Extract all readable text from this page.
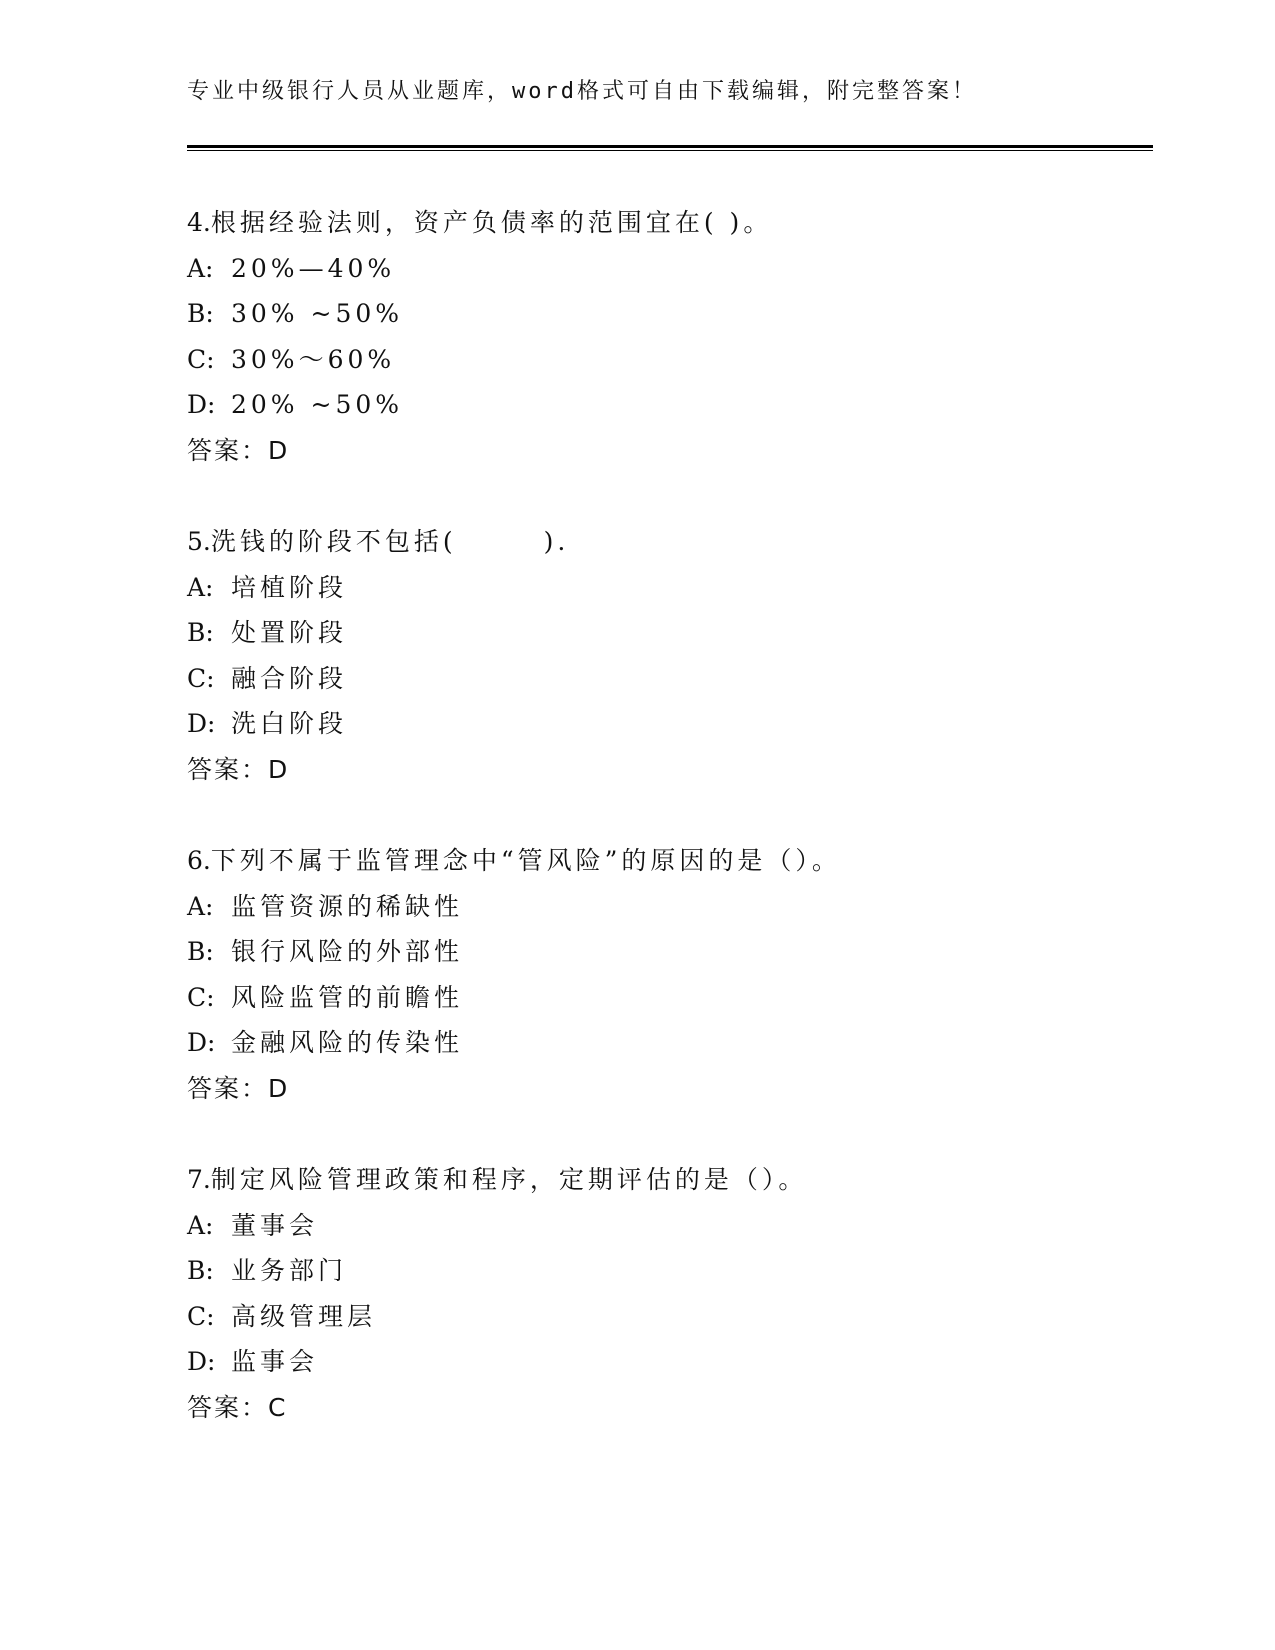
专业中级银行人员从业题库，word格式可自由下载编辑，附完整答案！
4.根据经验法则，资产负债率的范围宜在( )。
A: 20%—40%
B: 30% ~50%
C: 30%～60%
D: 20% ~50%
答案：D
5.洗钱的阶段不包括(　　　).
A: 培植阶段
B: 处置阶段
C: 融合阶段
D: 洗白阶段
答案：D
6.下列不属于监管理念中“管风险”的原因的是（）。
A: 监管资源的稀缺性
B: 银行风险的外部性
C: 风险监管的前瞻性
D: 金融风险的传染性
答案：D
7.制定风险管理政策和程序，定期评估的是（）。
A: 董事会
B: 业务部门
C: 高级管理层
D: 监事会
答案：C
